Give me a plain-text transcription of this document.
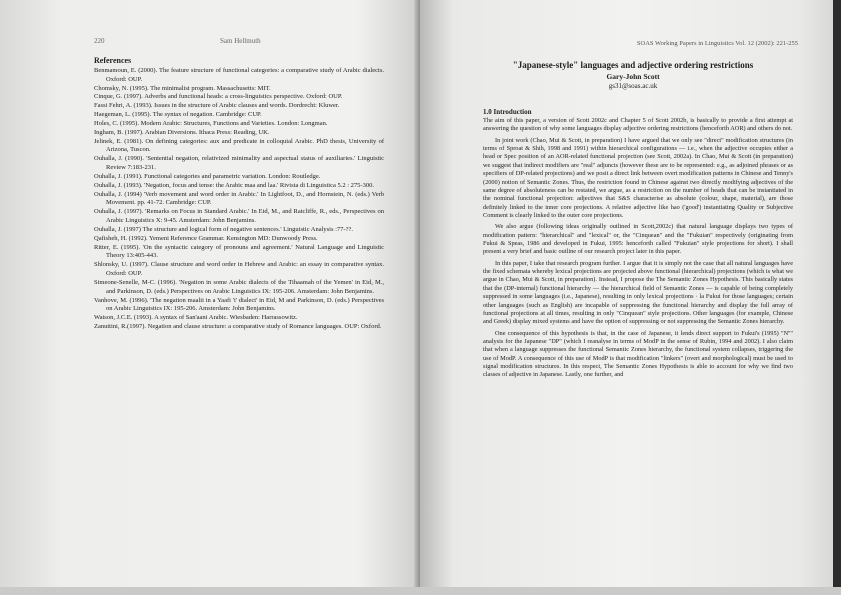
220	Sam Hellmuth
References
Benmamoun, E. (2000). The feature structure of functional categories: a comparative study of Arabic dialects. Oxford: OUP.
Chomsky, N. (1995). The minimalist program. Massachusetts: MIT.
Cinque, G. (1997). Adverbs and functional heads: a cross-linguistics perspective. Oxford: OUP.
Fassi Fehri, A. (1993). Issues in the structure of Arabic clauses and words. Dordrecht: Kluwer.
Haegeman, L. (1995). The syntax of negation. Cambridge: CUP.
Holes, C. (1995). Modern Arabic: Structures, Functions and Varieties. London: Longman.
Ingham, B. (1997). Arabian Diversions. Ithaca Press: Reading, UK.
Jelinek, E. (1981). On defining categories: aux and predicate in colloquial Arabic. PhD thesis, University of Arizona, Tuscon.
Ouhalla, J. (1990). 'Sentential negation, relativized minimality and aspectual status of auxiliaries.' Linguistic Review 7:183-231.
Ouhalla, J. (1991). Functional categories and parametric variation. London: Routledge.
Ouhalla, J. (1993). 'Negation, focus and tense: the Arabic maa and laa.' Rivista di Linguistica 5.2 : 275-300.
Ouhalla, J. (1994) 'Verb movement and word order in Arabic.' In Lightfoot, D., and Hornstein, N. (eds.) Verb Movement. pp. 41-72. Cambridge: CUP.
Ouhalla, J. (1997). 'Remarks on Focus in Standard Arabic.' In Eid, M., and Ratcliffe, R., eds., Perspectives on Arabic Linguistics X: 9-45. Amsterdam: John Benjamins.
Ouhalla, J. (1997) The structure and logical form of negative sentences.' Linguistic Analysis :77-??.
Qafisheh, H. (1992). Yemeni Reference Grammar. Kensington MD: Dunwoody Press.
Ritter, E. (1995). 'On the syntactic category of pronouns and agreement.' Natural Language and Linguistic Theory 13:405-443.
Shlonsky, U. (1997). Clause structure and word order in Hebrew and Arabic: an essay in comparative syntax. Oxford: OUP.
Simeone-Senelle, M-C. (1996). 'Negation in some Arabic dialects of the Tihaamah of the Yemen' in Eid, M., and Parkinson, D. (eds.) Perspectives on Arabic Linguistics IX: 195-206. Amsterdam: John Benjamins.
Vanhove, M. (1996). 'The negation maalii in a Yaafi 'i' dialect' in Eid, M and Parkinson, D. (eds.) Perspectives on Arabic Linguistics IX: 195-206. Amsterdam: John Benjamins.
Watson, J.C.E. (1993). A syntax of San'aani Arabic. Wiesbaden: Harrassowitz.
Zanuttini, R.(1997). Negation and clause structure: a comparative study of Romance languages. OUP: Oxford.
SOAS Working Papers in Linguistics Vol. 12 (2002): 221-255
"Japanese-style" languages and adjective ordering restrictions
Gary-John Scott
gs31@soas.ac.uk
1.0 Introduction

The aim of this paper, a version of Scott 2002c and Chapter 5 of Scott 2002b, is basically to provide a first attempt at answering the question of why some languages display adjective ordering restrictions (henceforth AOR) and others do not.

In joint work (Chao, Mui & Scott, in preparation) I have argued that we only see "direct" modification structures (in terms of Sproat & Shih, 1998 and 1991) within hierarchical configurations — i.e., when the adjective occupies either a head or Spec position of an AOR-related functional projection (see Scott, 2002a). In Chao, Mui & Scott (in preparation) we suggest that indirect modifiers are "real" adjuncts (however these are to be represented: e.g., as adjoined phrases or as specifiers of DP-related projections) and we posit a direct link between overt modification patterns in Chinese and Tenny's (2000) notion of Semantic Zones. Thus, the restriction found in Chinese against two directly modifying adjectives of the same degree of absoluteness can be restated, we argue, as a restriction on the number of heads that can be instantiated in the nominal functional projection: adjectives that S&S characterise as absolute (colour, shape, material), are those definitely linked to the inner core projections. A relative adjective like hao ('good') instantiating Quality or Subjective Comment is clearly linked to the outer core projections.

We also argue (following ideas originally outlined in Scott,2002c) that natural language displays two types of modification pattern: "hierarchical" and "lexical" or, the "Cinquean" and the "Fukuian" respectively (originating from Fukui & Speas, 1986 and developed in Fukui, 1995: henceforth called "Fukuian" style projections for short). I shall present a very brief and basic outline of our research project later in this paper.

In this paper, I take that research program further. I argue that it is simply not the case that all natural languages have the fixed schemata whereby lexical projections are projected above functional (hierarchical) projections (which is what we argue in Chao, Mui & Scott, in preparation). Instead, I propose the The Semantic Zones Hypothesis. This basically states that the (DP-internal) functional hierarchy — the hierarchical field of Semantic Zones — is capable of being completely suppressed in some languages (i.e., Japanese), resulting in only lexical projections · la Fukui for those languages; certain other languages (such as English) are incapable of suppressing the functional hierarchy and display the full array of functional projections at all times, resulting in only "Cinquean" style projections. Other languages (for example, Chinese and Greek) display mixed systems and have the option of suppressing or not suppressing the Semantic Zones hierarchy.

One consequence of this hypothesis is that, in the case of Japanese, it lends direct support to Fukui's (1995) "N''" analysis for the Japanese "DP" (which I reanalyse in terms of ModP in the sense of Rubin, 1994 and 2002). I also claim that when a language suppresses the functional Semantic Zones hierarchy, the functional system collapses, triggering the use of ModP. A consequence of this use of ModP is that modification "linkers" (overt and morphological) must be used to signal modification structures. In this respect, The Semantic Zones Hypothesis is able to account for why we find two classes of adjective in Japanese. Lastly, one further, and
